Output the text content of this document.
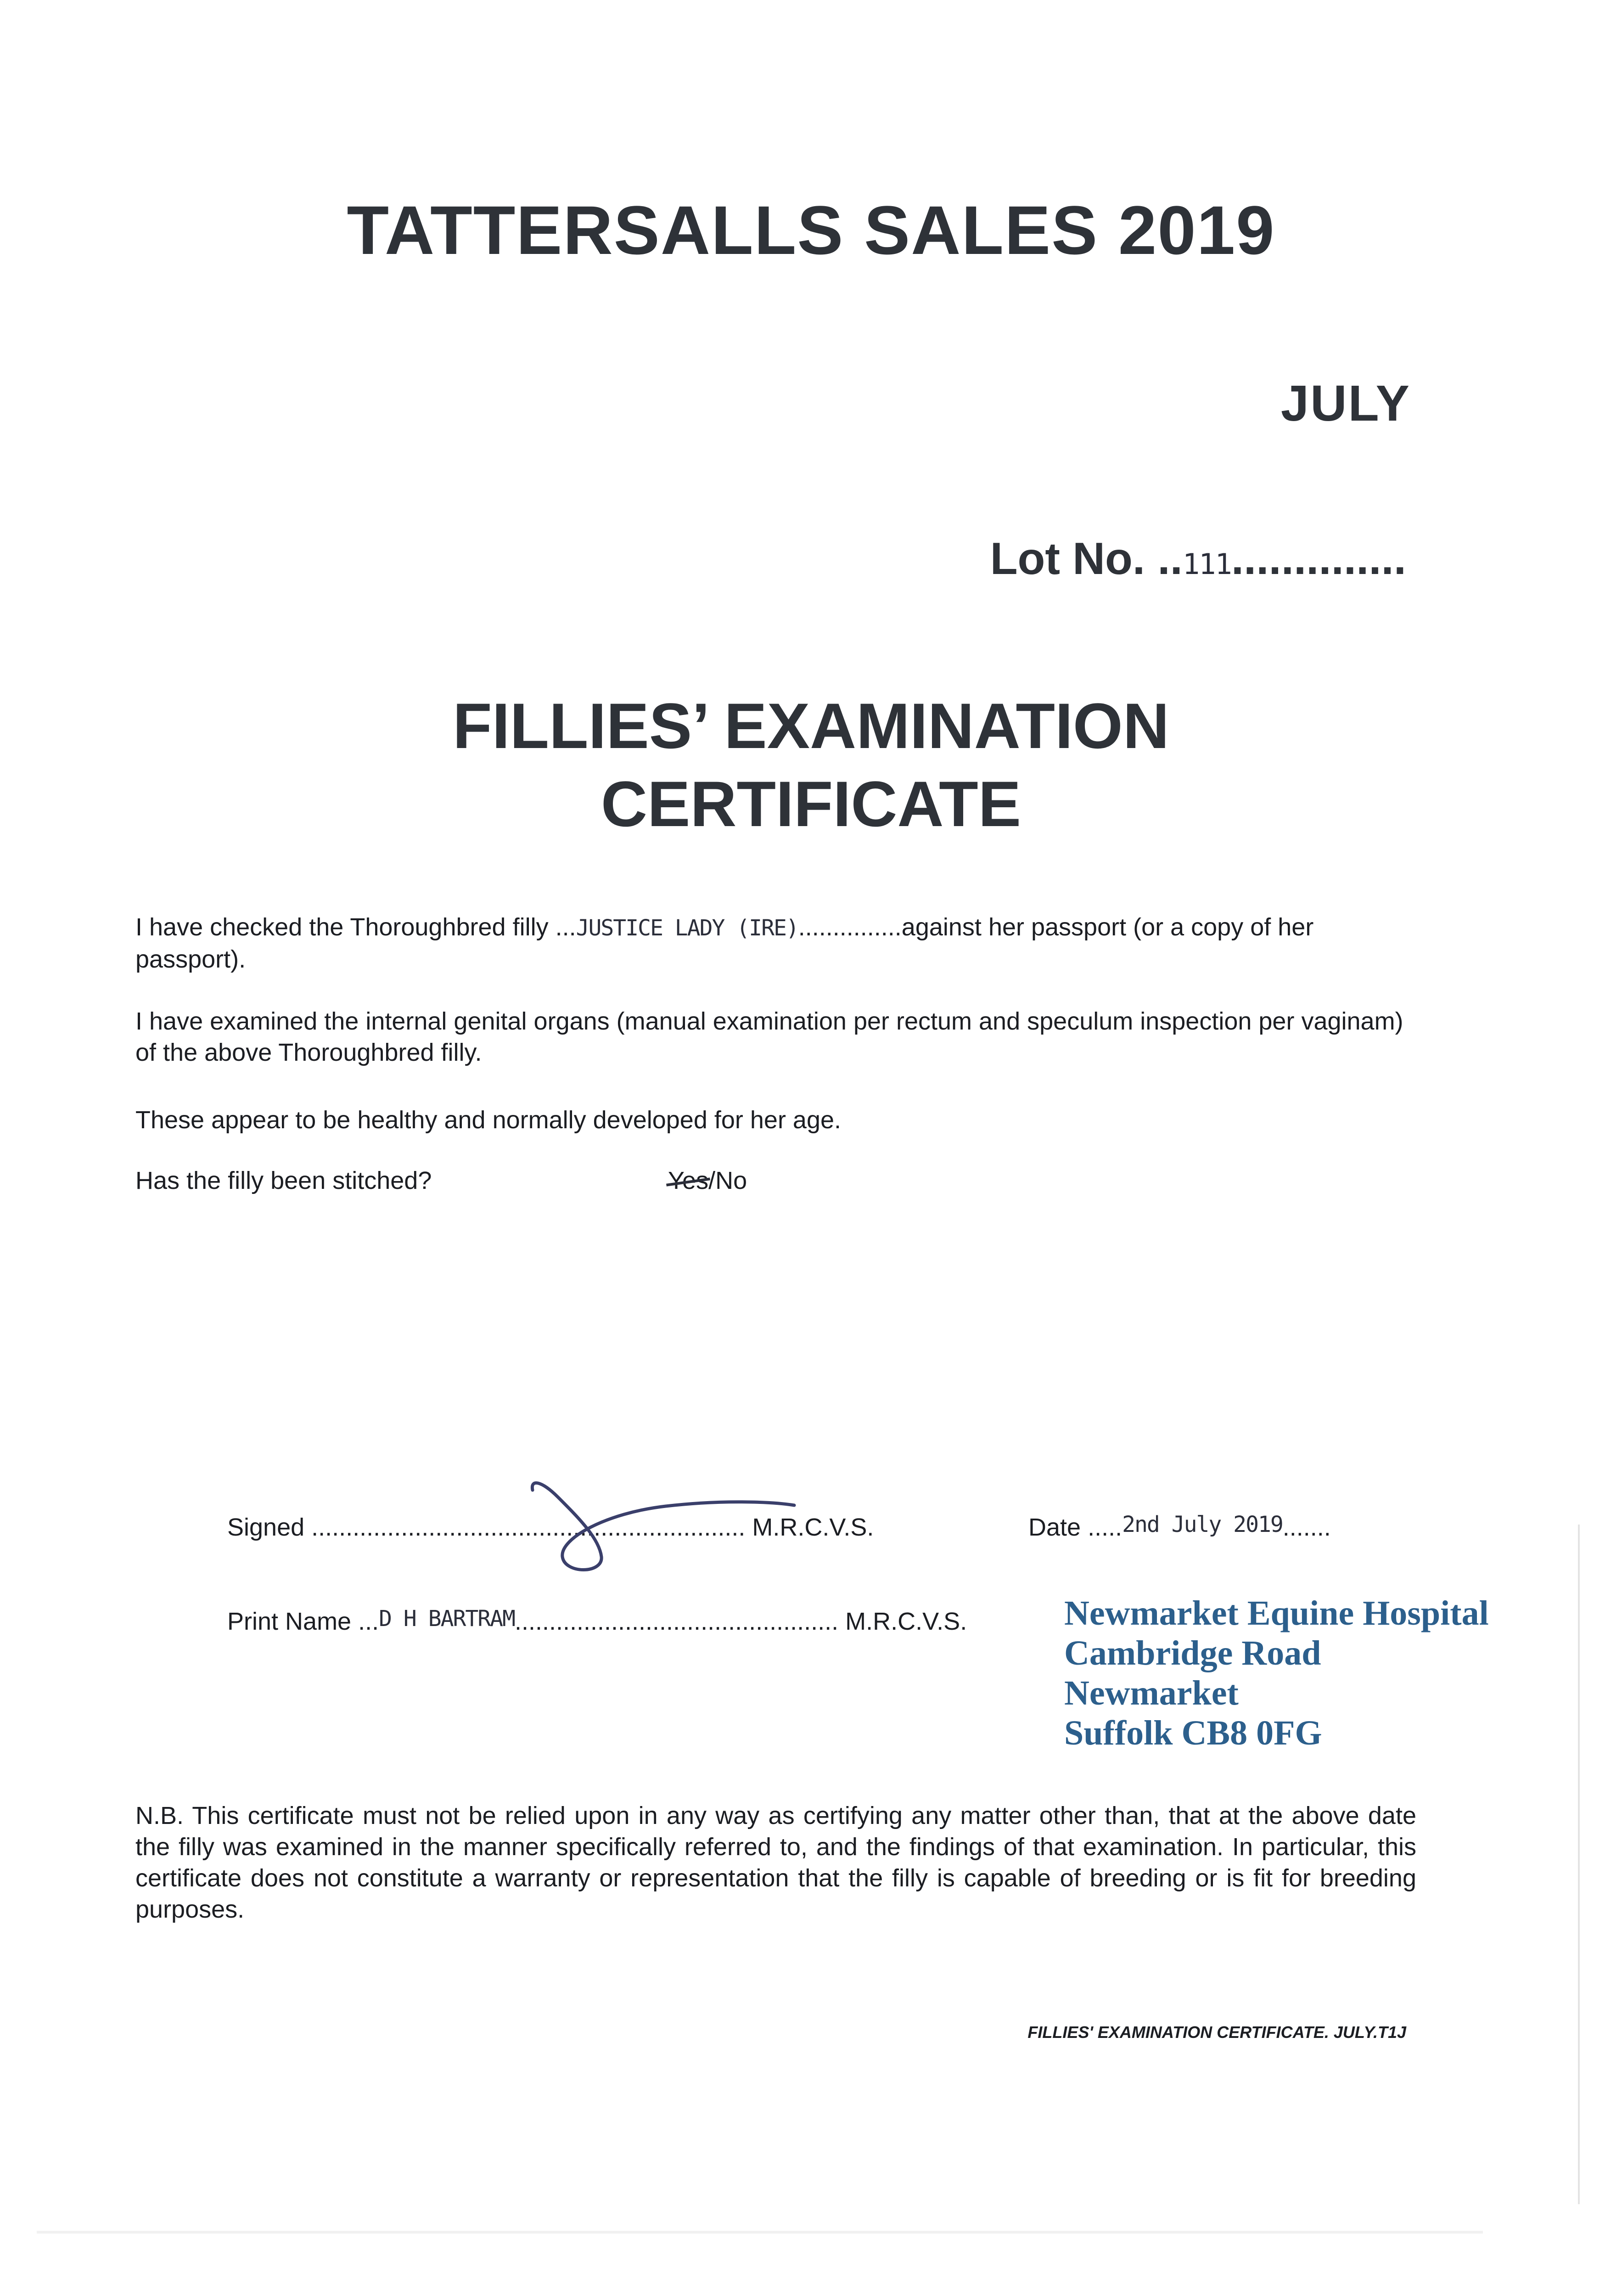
TATTERSALLS SALES 2019
JULY
Lot No. .. 111 ..............
FILLIES’ EXAMINATION
CERTIFICATE
I have checked the Thoroughbred filly ...JUSTICE LADY (IRE)...............against her passport (or a copy of her passport).
I have examined the internal genital organs (manual examination per rectum and speculum inspection per vaginam) of the above Thoroughbred filly.
These appear to be healthy and normally developed for her age.
Has the filly been stitched?	Yes/No
Signed ............................................................... M.R.C.V.S.	Date .....2nd July 2019.......
Print Name ...D H BARTRAM............................................... M.R.C.V.S.	Newmarket Equine Hospital
Cambridge Road
Newmarket
Suffolk CB8 0FG
N.B. This certificate must not be relied upon in any way as certifying any matter other than, that at the above date the filly was examined in the manner specifically referred to, and the findings of that examination. In particular, this certificate does not constitute a warranty or representation that the filly is capable of breeding or is fit for breeding purposes.
FILLIES' EXAMINATION CERTIFICATE. JULY.T1J
